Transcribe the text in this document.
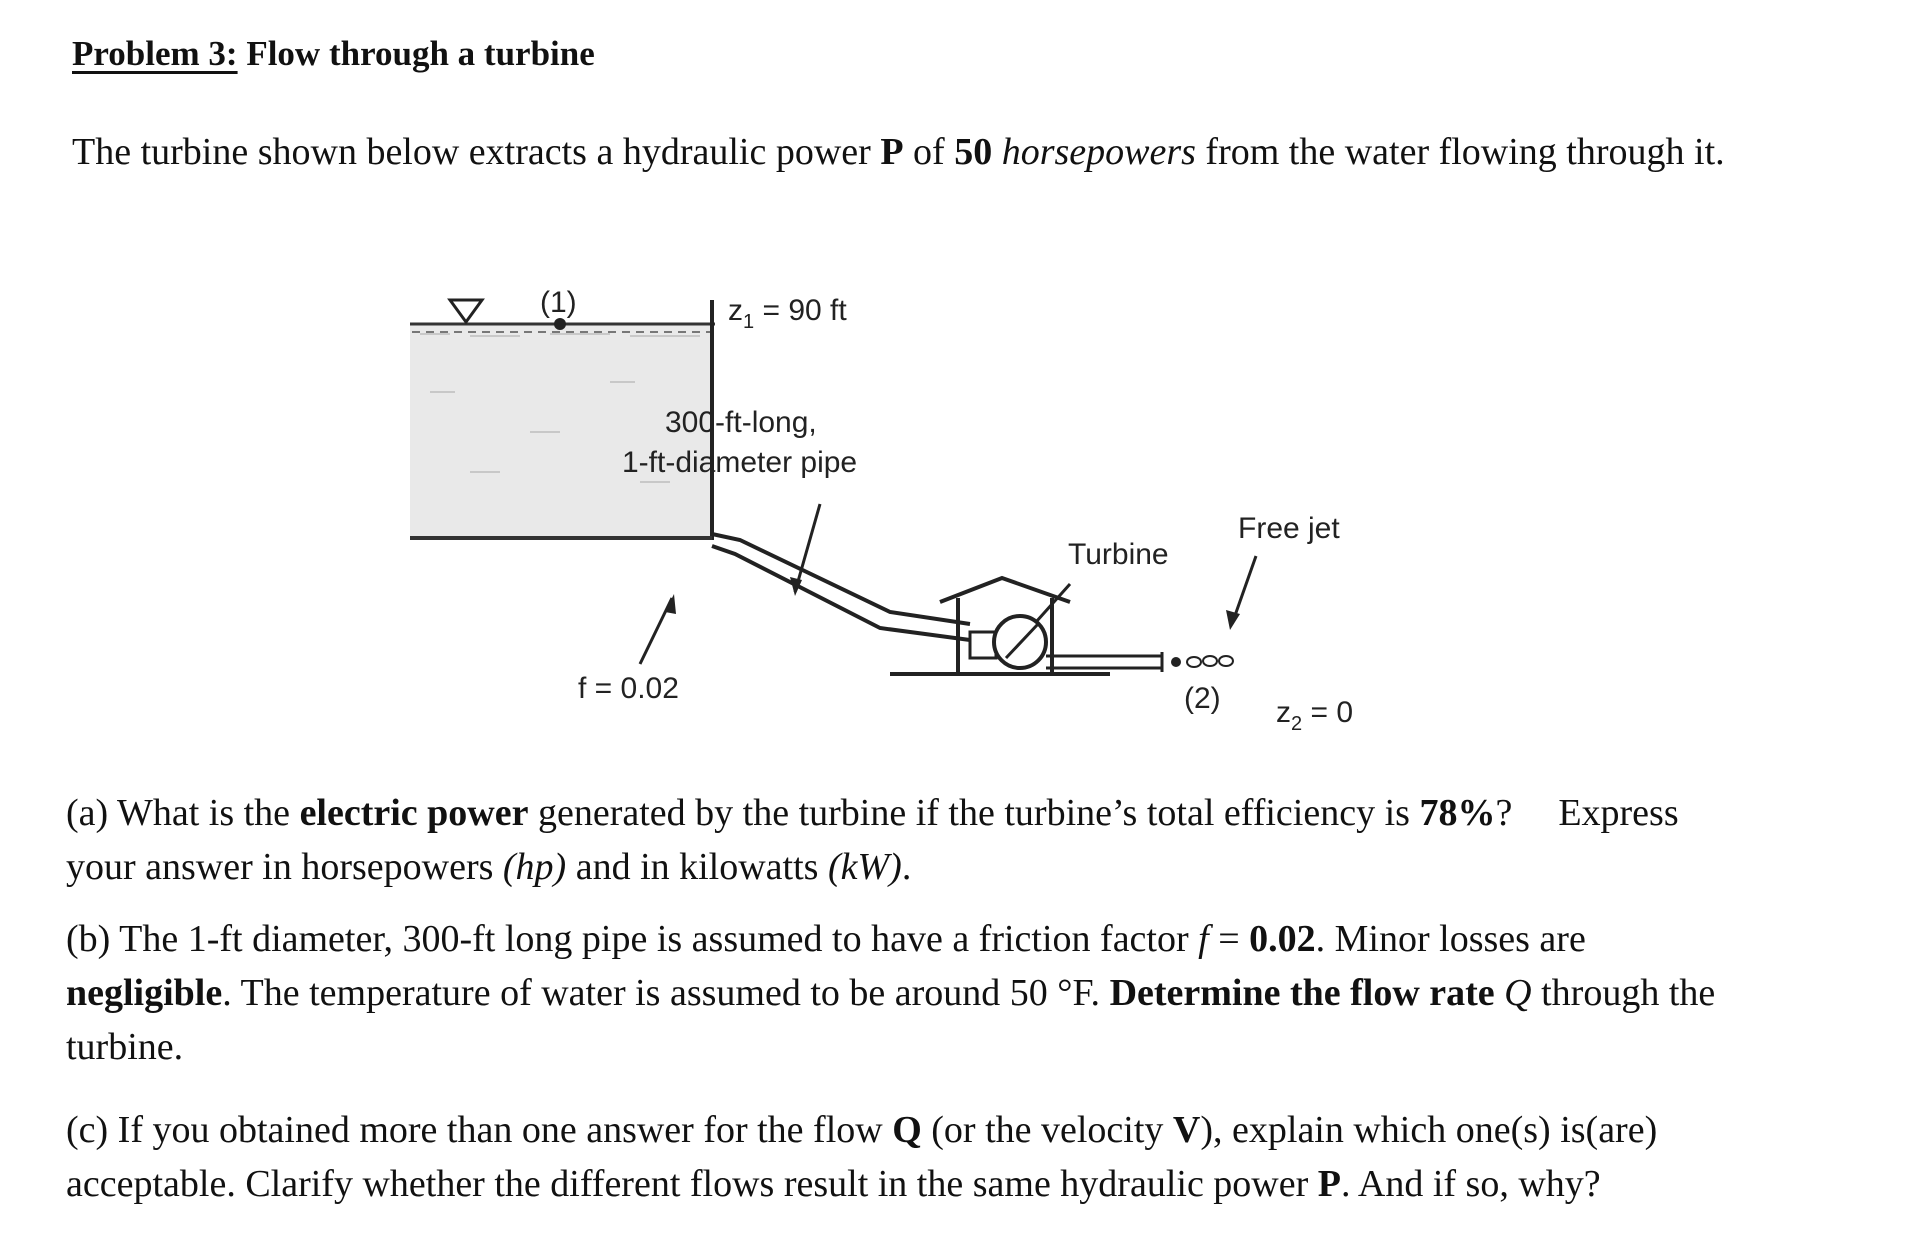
Problem 3: Flow through a turbine
The turbine shown below extracts a hydraulic power P of 50 horsepowers from the water flowing through it.
(1)	$z_1 = 90$ ft
300-ft-long,
1-ft-diameter pipe
f = 0.02
Turbine
Free jet
(2) $z_2 = 0$
(a) What is the electric power generated by the turbine if the turbine’s total efficiency is 78%? Express
your answer in horsepowers (hp) and in kilowatts (kW).
(b) The 1-ft diameter, 300-ft long pipe is assumed to have a friction factor f = 0.02. Minor losses are
negligible. The temperature of water is assumed to be around 50 °F. Determine the flow rate Q through the
turbine.
(c) If you obtained more than one answer for the flow Q (or the velocity V), explain which one(s) is(are)
acceptable. Clarify whether the different flows result in the same hydraulic power P. And if so, why?
